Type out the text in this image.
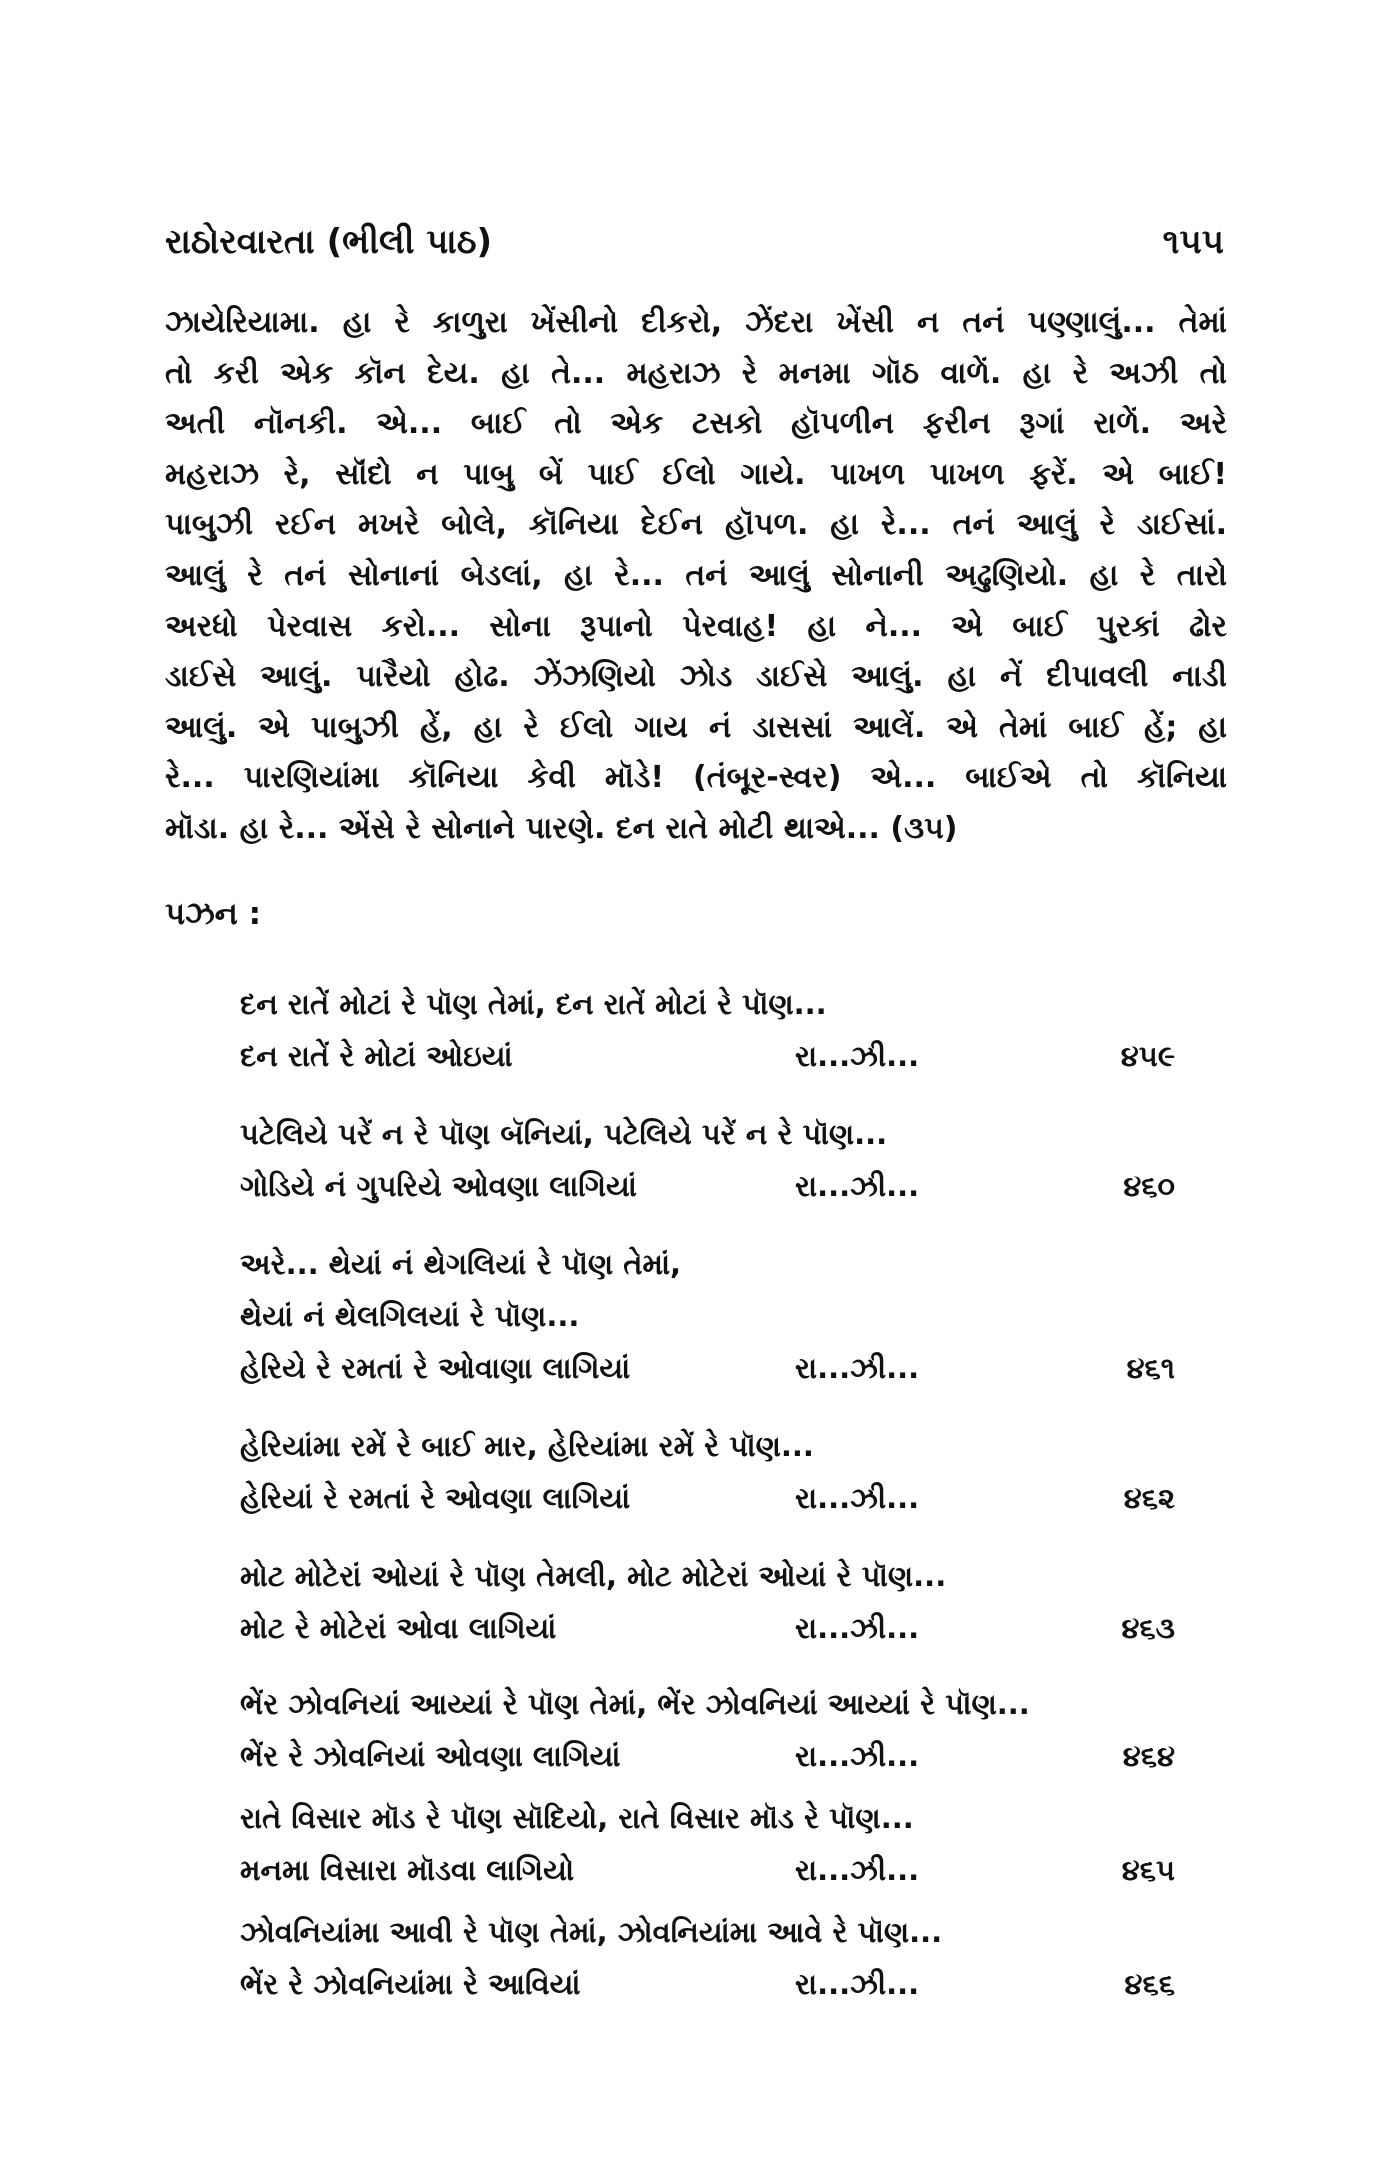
રાઠોરવારતા (ભીલી પાઠ)	૧૫૫
ઝાયેરિયામા. હા રે કાળુરા ખેંસીનો દીકરો, ઝેંદરા ખેંસી ન તનં પણ્ણાલું... તેમાં
તો કરી એક કૉન દેય. હા તે... મહરાઝ રે મનમા ગૉઠ વાળેં. હા રે અઝી તો
અતી નૉનકી. એ... બાઈ તો એક ટસકો હૉપળીન ફરીન રૂગાં રાળેં. અરે
મહરાઝ રે, સૉંદો ન પાબુ બેં પાઈ ઈલો ગાયે. પાખળ પાખળ ફરેં. એ બાઈ!
પાબુઝી રઈન મખરે બોલે, કૉનિયા દેઈન હૉપળ. હા રે... તનં આલું રે ડાઈસાં.
આલું રે તનં સોનાનાં બેડલાં, હા રે... તનં આલું સોનાની અઢુણિયો. હા રે તારો
અરધો પેરવાસ કરો... સોના રૂપાનો પેરવાહ! હા ને... એ બાઈ પુરકાં ઢોર
ડાઈસે આલું. પારૈયો હોઢ. ઝેંઝણિયો ઝોડ ડાઈસે આલું. હા નેં દીપાવલી નાડી
આલું. એ પાબુઝી હેં, હા રે ઈલો ગાય નં ડાસસાં આલેં. એ તેમાં બાઈ હેં; હા
રે... પારણિયાંમા કૉનિયા કેવી મૉડે! (તંબૂર-સ્વર) એ... બાઈએ તો કૉનિયા
મૉડા. હા રે... એંસે રે સોનાને પારણે. દન રાતે મોટી થાએ... (૩૫)
પઝન :
દન રાતેં મોટાં રે પૉણ તેમાં, દન રાતેં મોટાં રે પૉણ...
દન રાતેં રે મોટાં ઓઇયાં	રા...ઝી...	૪૫૯
પટેલિયે પરેં ન રે પૉણ બૅનિયાં, પટેલિયે પરેં ન રે પૉણ...
ગોડિયે નં ગુપરિયે ઓવણા લાગિયાં	રા...ઝી...	૪૬૦
અરે... થેયાં નં થેગલિયાં રે પૉણ તેમાં,
થેયાં નં થેલગિલયાં રે પૉણ...
હેરિયે રે રમતાં રે ઓવાણા લાગિયાં	રા...ઝી...	૪૬૧
હેરિયાંમા રમેં રે બાઈ માર, હેરિયાંમા રમેં રે પૉણ...
હેરિયાં રે રમતાં રે ઓવણા લાગિયાં	રા...ઝી...	૪૬૨
મોટ મોટેરાં ઓયાં રે પૉણ તેમલી, મોટ મોટેરાં ઓયાં રે પૉણ...
મોટ રે મોટેરાં ઓવા લાગિયાં	રા...ઝી...	૪૬૩
ભેંર ઝોવનિયાં આય્યાં રે પૉણ તેમાં, ભેંર ઝોવનિયાં આય્યાં રે પૉણ...
ભેંર રે ઝોવનિયાં ઓવણા લાગિયાં	રા...ઝી...	૪૬૪
રાતે વિસાર મૉડ રે પૉણ સૉદિયો, રાતે વિસાર મૉડ રે પૉણ...
મનમા વિસારા મૉડવા લાગિયો	રા...ઝી...	૪૬૫
ઝોવનિયાંમા આવી રે પૉણ તેમાં, ઝોવનિયાંમા આવે રે પૉણ...
ભેંર રે ઝોવનિયાંમા રે આવિયાં	રા...ઝી...	૪૬૬
